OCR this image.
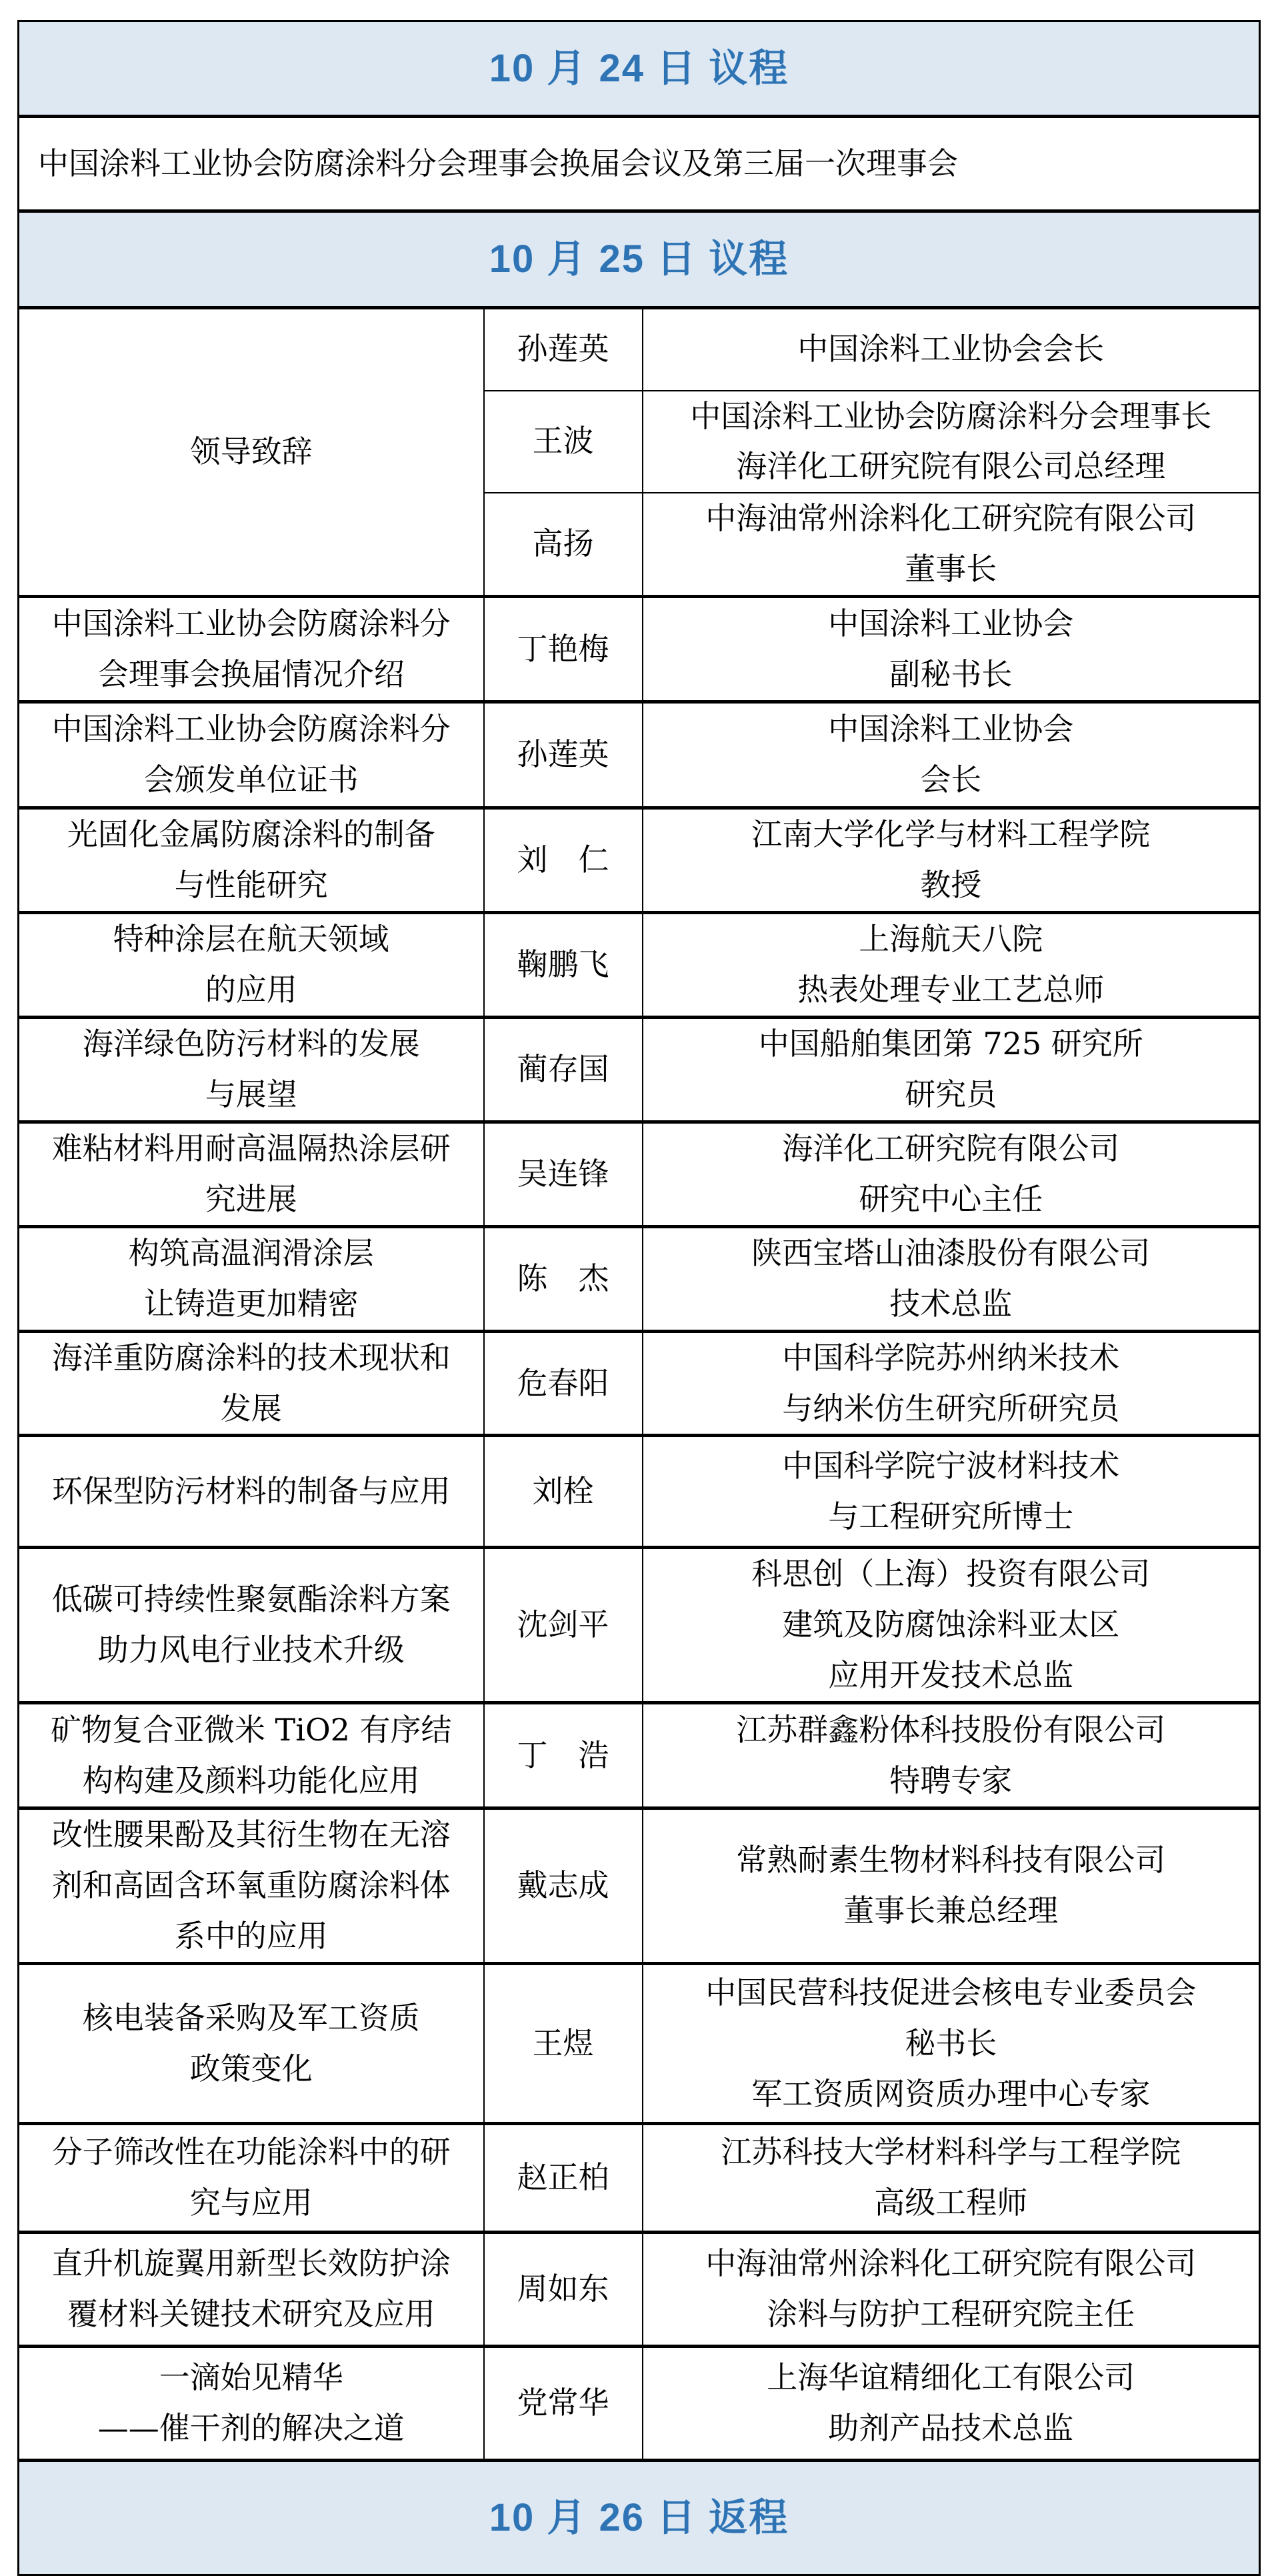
10 月 24 日 议程		
中国涂料工业协会防腐涂料分会理事会换届会议及第三届一次理事会		
10 月 25 日 议程		
领导致辞	孙莲英	中国涂料工业协会会长

	王波	中国涂料工业协会防腐涂料分会理事长
海洋化工研究院有限公司总经理

	高扬	中海油常州涂料化工研究院有限公司
董事长

中国涂料工业协会防腐涂料分
会理事会换届情况介绍
	丁艳梅	
中国涂料工业协会
副秘书长

中国涂料工业协会防腐涂料分
会颁发单位证书
	孙莲英	
中国涂料工业协会
会长

光固化金属防腐涂料的制备
与性能研究
	刘　仁	
江南大学化学与材料工程学院
教授

特种涂层在航天领域
的应用
	鞠鹏飞	
上海航天八院
热表处理专业工艺总师

海洋绿色防污材料的发展
与展望
	蔺存国	
中国船舶集团第 725 研究所
研究员

难粘材料用耐高温隔热涂层研
究进展
	吴连锋	
海洋化工研究院有限公司
研究中心主任

构筑高温润滑涂层
让铸造更加精密
	陈　杰	
陕西宝塔山油漆股份有限公司
技术总监

海洋重防腐涂料的技术现状和
发展
	危春阳	
中国科学院苏州纳米技术
与纳米仿生研究所研究员

环保型防污材料的制备与应用	刘栓	中国科学院宁波材料技术
与工程研究所博士

低碳可持续性聚氨酯涂料方案
助力风电行业技术升级
	沈剑平	
科思创（上海）投资有限公司
建筑及防腐蚀涂料亚太区
应用开发技术总监

矿物复合亚微米 TiO2 有序结
构构建及颜料功能化应用
	丁　浩	
江苏群鑫粉体科技股份有限公司
特聘专家

改性腰果酚及其衍生物在无溶
剂和高固含环氧重防腐涂料体
系中的应用
	戴志成	
常熟耐素生物材料科技有限公司
董事长兼总经理

核电装备采购及军工资质
政策变化
	王煜	
中国民营科技促进会核电专业委员会
秘书长
军工资质网资质办理中心专家

分子筛改性在功能涂料中的研
究与应用
	赵正柏	
江苏科技大学材料科学与工程学院
高级工程师

直升机旋翼用新型长效防护涂
覆材料关键技术研究及应用
	周如东	
中海油常州涂料化工研究院有限公司
涂料与防护工程研究院主任

一滴始见精华
——催干剂的解决之道
	党常华	
上海华谊精细化工有限公司
助剂产品技术总监

10 月 26 日 返程		
